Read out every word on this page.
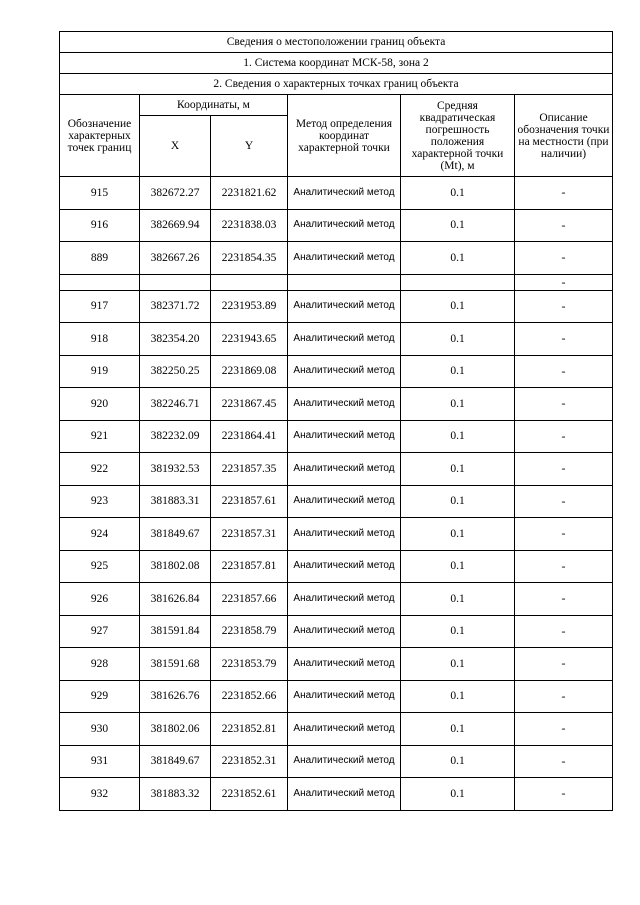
Сведения о местоположении границ объекта					
1. Система координат МСК-58, зона 2					
2. Сведения о характерных точках границ объекта					
Обозначение характерных точек границ	Координаты, м		Метод определения координат характерной точки	Средняя квадратическая погрешность положения характерной точки (Mt), м	Описание обозначения точки на местности (при наличии)
	X	Y			
915	382672.27	2231821.62	Аналитический метод	0.1	-
916	382669.94	2231838.03	Аналитический метод	0.1	-
889	382667.26	2231854.35	Аналитический метод	0.1	-
					-
917	382371.72	2231953.89	Аналитический метод	0.1	-
918	382354.20	2231943.65	Аналитический метод	0.1	-
919	382250.25	2231869.08	Аналитический метод	0.1	-
920	382246.71	2231867.45	Аналитический метод	0.1	-
921	382232.09	2231864.41	Аналитический метод	0.1	-
922	381932.53	2231857.35	Аналитический метод	0.1	-
923	381883.31	2231857.61	Аналитический метод	0.1	-
924	381849.67	2231857.31	Аналитический метод	0.1	-
925	381802.08	2231857.81	Аналитический метод	0.1	-
926	381626.84	2231857.66	Аналитический метод	0.1	-
927	381591.84	2231858.79	Аналитический метод	0.1	-
928	381591.68	2231853.79	Аналитический метод	0.1	-
929	381626.76	2231852.66	Аналитический метод	0.1	-
930	381802.06	2231852.81	Аналитический метод	0.1	-
931	381849.67	2231852.31	Аналитический метод	0.1	-
932	381883.32	2231852.61	Аналитический метод	0.1	-
